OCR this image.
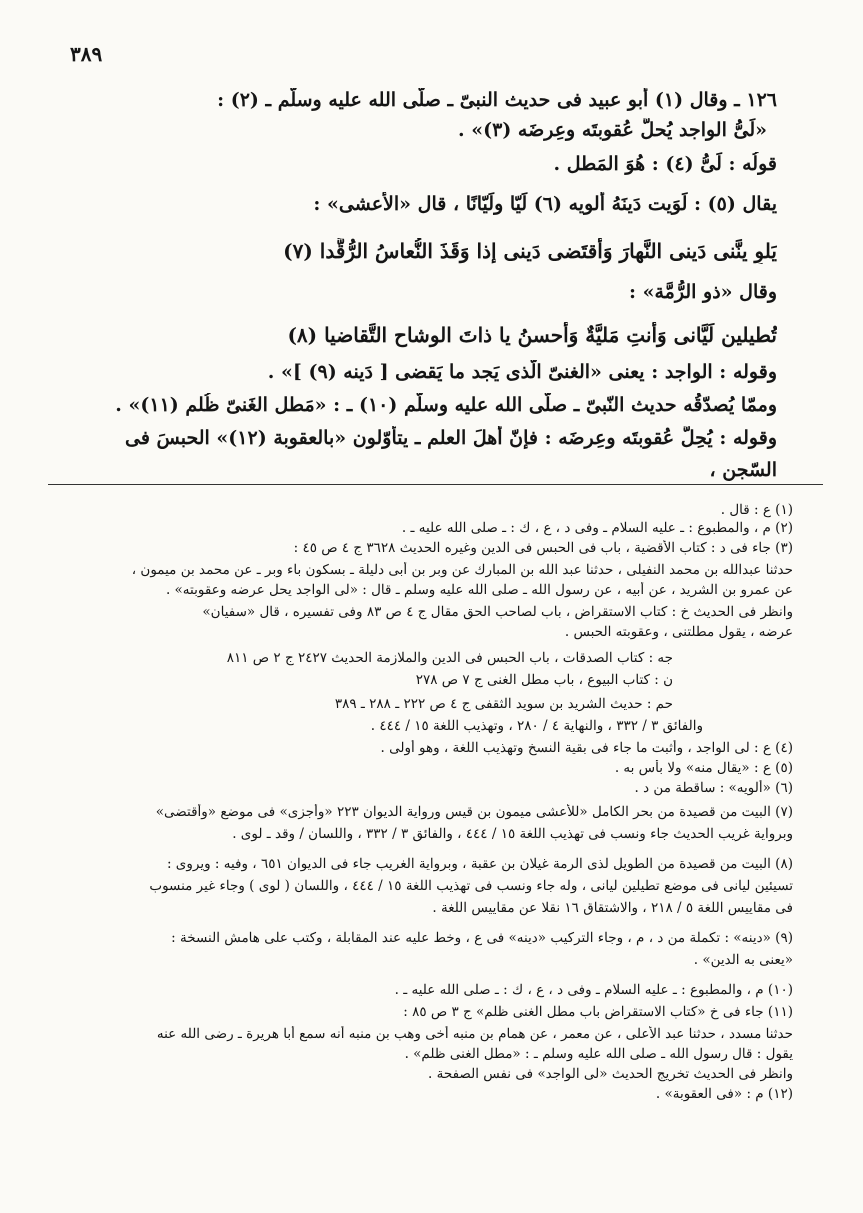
٣٨٩
١٢٦ ـ وقال (١) أبو عبيد فى حديث النبىّ ـ صلّى الله عليه وسلّم ـ (٢) :
«لَىُّ الواجد يُحلُّ عُقوبتَه وعِرضَه (٣)» .
قولُه : لَىُّ (٤) : هُوَ المَطل .
يقال (٥) : لَوَيت دَينَهُ أَلويه (٦) لَيّا ولَيّانًا ، قال «الأعشى» :
يَلوِ ينَّنى دَينى النَّهارَ وَأَقتَضى دَينى إذا وَقَذَ النُّعاسُ الرُّقَّدا (٧)
وقال «ذو الرُّمَّة» :
تُطيلين لَيَّانى وَأنتِ مَليَّةٌ وَأُحسنُ يا ذاتَ الوشاحِ التَّقاضيا (٨)
وقوله : الواجد : يعنى «الغنىّ الّذى يَجد ما يَقضى [ دَينه (٩) ]» .
وممّا يُصدّقُه حديث النّبىّ ـ صلّى الله عليه وسلّم (١٠) ـ : «مَطل الغَنىّ ظُلم (١١)» .
وقوله : يُحِلُّ عُقوبتَه وعِرضَه : فإنّ أهلَ العلم ـ يتأوّلون «بالعقوبة (١٢)» الحبسَ فى
السّجن ،
(١) ع : قال .
(٢) م ، والمطبوع : ـ عليه السلام ـ وفى د ، ع ، ك : ـ صلى الله عليه ـ .
(٣) جاء فى د : كتاب الأقضية ، باب فى الحبس فى الدين وغيره الحديث ٣٦٢٨ ج ٤ ص ٤٥ :
حدثنا عبدالله بن محمد النفيلى ، حدثنا عبد الله بن المبارك عن وبر بن أبى دليلة ـ بسكون باء وبر ـ عن محمد بن ميمون ،
عن عمرو بن الشريد ، عن أبيه ، عن رسول الله ـ صلى الله عليه وسلم ـ قال : «لى الواجد يحل عرضه وعقوبته» .
وانظر فى الحديث خ : كتاب الاستقراض ، باب لصاحب الحق مقال ج ٤ ص ٨٣ وفى تفسيره ، قال «سفيان»
عرضه ، يقول مطلتنى ، وعقوبته الحبس .
جه : كتاب الصدقات ، باب الحبس فى الدين والملازمة الحديث ٢٤٢٧ ج ٢ ص ٨١١
ن : كتاب البيوع ، باب مطل الغنى ج ٧ ص ٢٧٨
حم : حديث الشريد بن سويد الثقفى ج ٤ ص ٢٢٢ ـ ٢٨٨ ـ ٣٨٩
والفائق ٣ / ٣٣٢ ، والنهاية ٤ / ٢٨٠ ، وتهذيب اللغة ١٥ / ٤٤٤ .
(٤) ع : لى الواجد ، وأثبت ما جاء فى بقية النسخ وتهذيب اللغة ، وهو أولى .
(٥) ع : «يقال منه» ولا بأس به .
(٦) «ألويه» : ساقطة من د .
(٧) البيت من قصيدة من بحر الكامل «للأعشى ميمون بن قيس ورواية الديوان ٢٢٣ «وأجزى» فى موضع «وأقتضى»
وبرواية غريب الحديث جاء ونسب فى تهذيب اللغة ١٥ / ٤٤٤ ، والفائق ٣ / ٣٣٢ ، واللسان / وقد ـ لوى .
(٨) البيت من قصيدة من الطويل لذى الرمة غيلان بن عقبة ، وبرواية الغريب جاء فى الديوان ٦٥١ ، وفيه : ويروى :
تسيئين ليانى فى موضع تطيلين ليانى ، وله جاء ونسب فى تهذيب اللغة ١٥ / ٤٤٤ ، واللسان ( لوى ) وجاء غير منسوب
فى مقاييس اللغة ٥ / ٢١٨ ، والاشتقاق ١٦ نقلا عن مقاييس اللغة .
(٩) «دينه» : تكملة من د ، م ، وجاء التركيب «دينه» فى ع ، وخط عليه عند المقابلة ، وكتب على هامش النسخة :
«يعنى به الدين» .
(١٠) م ، والمطبوع : ـ عليه السلام ـ وفى د ، ع ، ك : ـ صلى الله عليه ـ .
(١١) جاء فى خ «كتاب الاستقراض باب مطل الغنى ظلم» ج ٣ ص ٨٥ :
حدثنا مسدد ، حدثنا عبد الأعلى ، عن معمر ، عن همام بن منبه أخى وهب بن منبه أنه سمع أبا هريرة ـ رضى الله عنه
يقول : قال رسول الله ـ صلى الله عليه وسلم ـ : «مطل الغنى ظلم» .
وانظر فى الحديث تخريج الحديث «لى الواجد» فى نفس الصفحة .
(١٢) م : «فى العقوبة» .
